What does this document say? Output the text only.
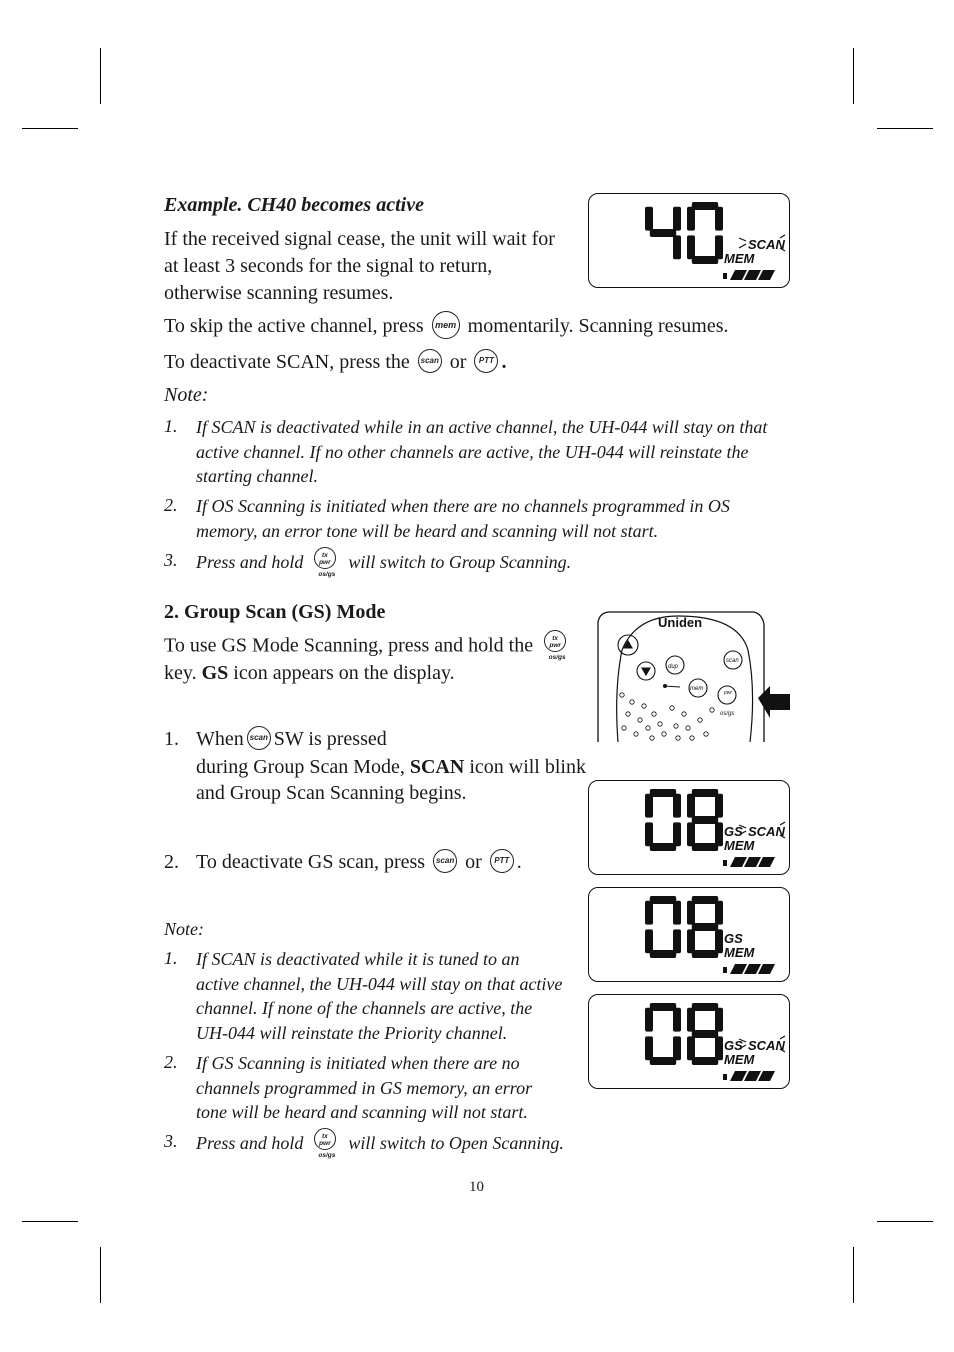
Example. CH40 becomes active
If the received signal cease, the unit will wait for
at least 3 seconds for the signal to return,
otherwise scanning resumes.
To skip the active channel, press mem momentarily. Scanning resumes.
To deactivate SCAN, press the scan or PTT .
Note:
1. If SCAN is deactivated while in an active channel, the UH-044 will stay on that
active channel. If no other channels are active, the UH-044 will reinstate the
starting channel.
2. If OS Scanning is initiated when there are no channels programmed in OS
memory, an error tone will be heard and scanning will not start.
3. Press and hold	tx
pwr
os/gs
will switch to Group Scanning.
2. Group Scan (GS) Mode
To use GS Mode Scanning, press and hold the	tx
pwr
os/gs
key. GS icon appears on the display.
1. When scan SW is pressed
during Group Scan Mode, SCAN icon will blink
and Group Scan Scanning begins.
2. To deactivate GS scan, press scan or PTT .
Note:
1. If SCAN is deactivated while it is tuned to an
active channel, the UH-044 will stay on that active
channel. If none of the channels are active, the
UH-044 will reinstate the Priority channel.
2. If GS Scanning is initiated when there are no
channels programmed in GS memory, an error
tone will be heard and scanning will not start.
3. Press and hold	tx
pwr
os/gs
will switch to Open Scanning.
SCAN
MEM
GS SCAN
MEM
GS
MEM
GS SCAN
MEM
Uniden
dup
mem
scan
pwr
os/gs
10
